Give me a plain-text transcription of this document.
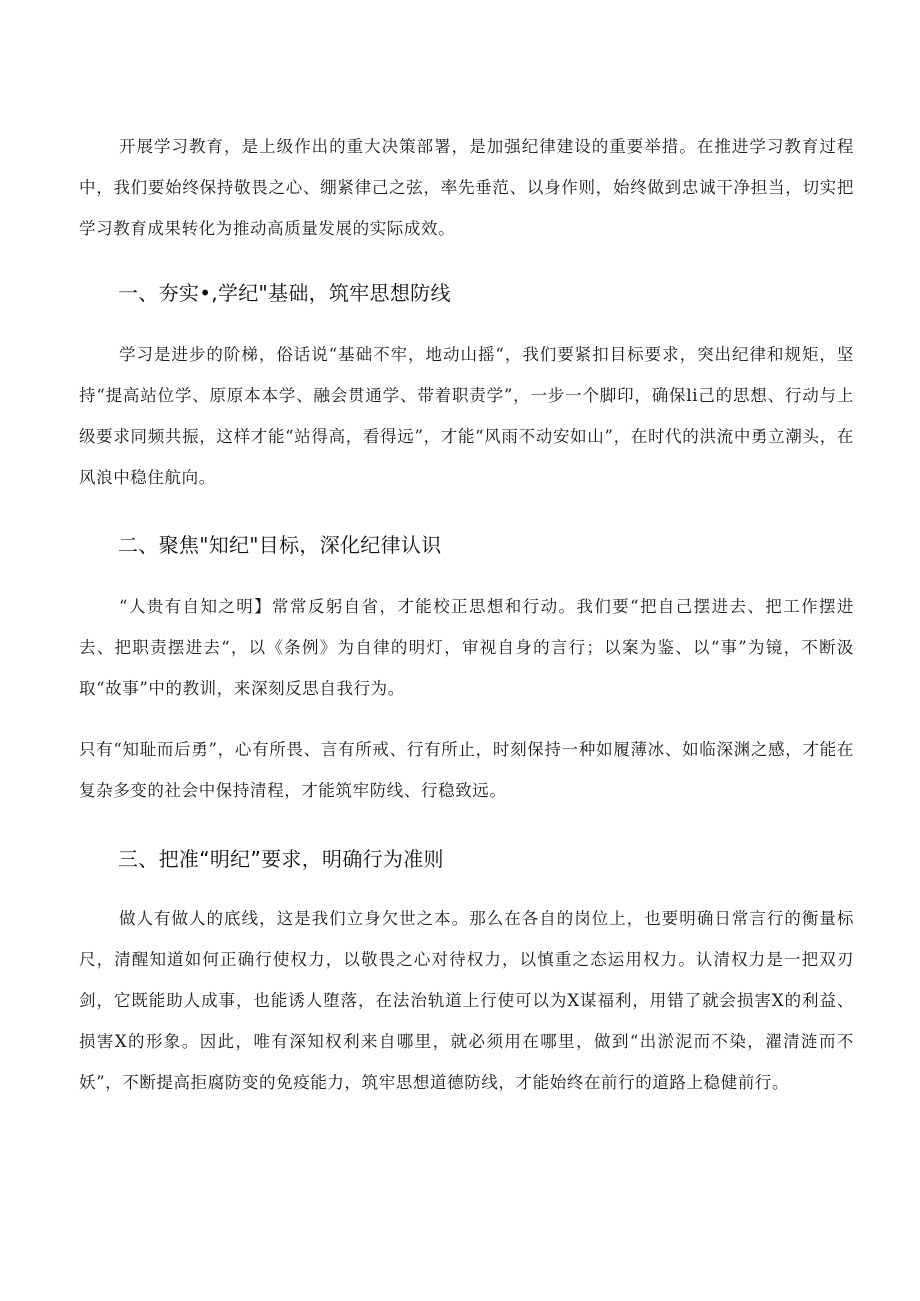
开展学习教育，是上级作出的重大决策部署，是加强纪律建设的重要举措。在推进学习教育过程中，我们要始终保持敬畏之心、绷紧律己之弦，率先垂范、以身作则，始终做到忠诚干净担当，切实把学习教育成果转化为推动高质量发展的实际成效。

一、夯实•,学纪"基础，筑牢思想防线

学习是进步的阶梯，俗话说“基础不牢，地动山摇“，我们要紧扣目标要求，突出纪律和规矩，坚持“提高站位学、原原本本学、融会贯通学、带着职责学”，一步一个脚印，确保li己的思想、行动与上级要求同频共振，这样才能“站得高，看得远”，才能“风雨不动安如山”，在时代的洪流中勇立潮头，在风浪中稳住航向。

二、聚焦"知纪"目标，深化纪律认识

“人贵有自知之明】常常反躬自省，才能校正思想和行动。我们要“把自己摆进去、把工作摆进去、把职责摆进去“，以《条例》为自律的明灯，审视自身的言行；以案为鉴、以“事”为镜，不断汲取“故事”中的教训，来深刻反思自我行为。

只有“知耻而后勇”，心有所畏、言有所戒、行有所止，时刻保持一种如履薄冰、如临深渊之感，才能在复杂多变的社会中保持清程，才能筑牢防线、行稳致远。

三、把准“明纪”要求，明确行为准则

做人有做人的底线，这是我们立身欠世之本。那么在各自的岗位上，也要明确日常言行的衡量标尺，清醒知道如何正确行使权力，以敬畏之心对待权力，以慎重之态运用权力。认清权力是一把双刃剑，它既能助人成事，也能诱人堕落，在法治轨道上行使可以为X谋福利，用错了就会损害X的利益、损害X的形象。因此，唯有深知权利来自哪里，就必须用在哪里，做到“出淤泥而不染，濯清涟而不妖”，不断提高拒腐防变的免疫能力，筑牢思想道德防线，才能始终在前行的道路上稳健前行。
